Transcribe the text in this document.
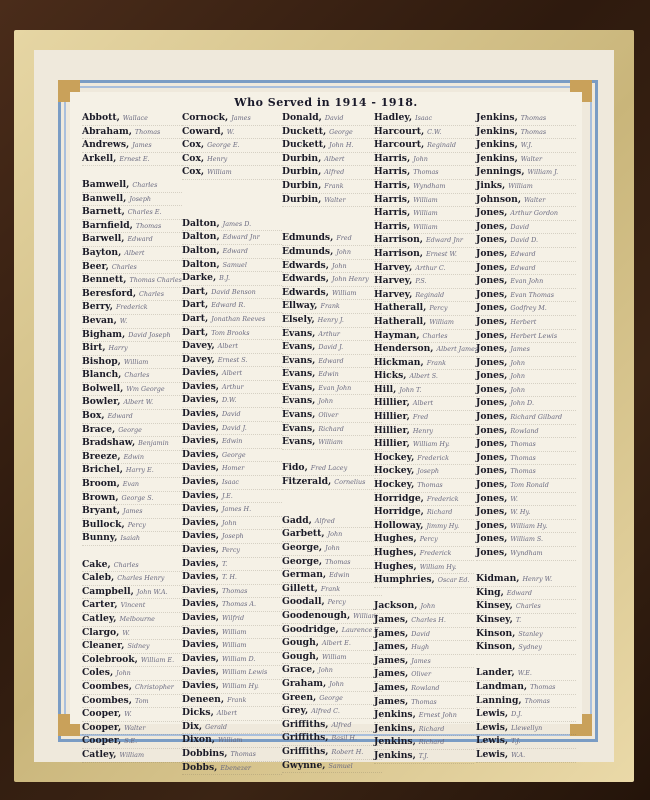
Who Served in 1914 - 1918.
Abbott, Wallace
Abraham, Thomas
Andrews, James
Arkell, Ernest E.
Bamwell, Charles
Banwell, Joseph
Barnett, Charles E.
Barnfield, Thomas
Barwell, Edward
Bayton, Albert
Beer, Charles
Bennett, Thomas Charles
Beresford, Charles
Berry, Frederick
Bevan, W.
Bigham, David Joseph
Birt, Harry
Bishop, William
Blanch, Charles
Bolwell, Wm George
Bowler, Albert W.
Box, Edward
Brace, George
Bradshaw, Benjamin
Breeze, Edwin
Brichel, Harry E.
Broom, Evan
Brown, George S.
Bryant, James
Bullock, Percy
Bunny, Isaiah
Cake, Charles
Caleb, Charles Henry
Campbell, John W.A.
Carter, Vincent
Catley, Melbourne
Clargo, W.
Cleaner, Sidney
Colebrook, William E.
Coles, John
Coombes, Christopher
Coombes, Tom
Cooper, W.
Cooper, Walter
Cooper, S.E.
Catley, William
Cornock, James
Coward, W.
Cox, George E.
Cox, Henry
Cox, William
Dalton, James D.
Dalton, Edward Jnr
Dalton, Edward
Dalton, Samuel
Darke, B.J.
Dart, David Benson
Dart, Edward R.
Dart, Jonathan Reeves
Dart, Tom Brooks
Davey, Albert
Davey, Ernest S.
Davies, Albert
Davies, Arthur
Davies, D.W.
Davies, David
Davies, David J.
Davies, Edwin
Davies, George
Davies, Homer
Davies, Isaac
Davies, J.E.
Davies, James H.
Davies, John
Davies, Joseph
Davies, Percy
Davies, T.
Davies, T. H.
Davies, Thomas
Davies, Thomas A.
Davies, Wilfrid
Davies, William
Davies, William
Davies, William D.
Davies, William Lewis
Davies, William Hy.
Deneen, Frank
Dicks, Albert
Dix, Gerald
Dixon, William
Dobbins, Thomas
Dobbs, Ebenezer
Donald, David
Duckett, George
Duckett, John H.
Durbin, Albert
Durbin, Alfred
Durbin, Frank
Durbin, Walter
Edmunds, Fred
Edmunds, John
Edwards, John
Edwards, John Henry
Edwards, William
Ellway, Frank
Elsely, Henry J.
Evans, Arthur
Evans, David J.
Evans, Edward
Evans, Edwin
Evans, Evan John
Evans, John
Evans, Oliver
Evans, Richard
Evans, William
Fido, Fred Lacey
Fitzerald, Cornelius
Gadd, Alfred
Garbett, John
George, John
George, Thomas
German, Edwin
Gillett, Frank
Goodall, Percy
Goodenough, William
Goodridge, Laurence E.
Gough, Albert E.
Gough, William
Grace, John
Graham, John
Green, George
Grey, Alfred C.
Griffiths, Alfred
Griffiths, Basil H.
Griffiths, Robert H.
Gwynne, Samuel
Hadley, Isaac
Harcourt, C.W.
Harcourt, Reginald
Harris, John
Harris, Thomas
Harris, Wyndham
Harris, William
Harris, William
Harris, William
Harrison, Edward Jnr
Harrison, Ernest W.
Harvey, Arthur C.
Harvey, P.S.
Harvey, Reginald
Hatherall, Percy
Hatherall, William
Hayman, Charles
Henderson, Albert James
Hickman, Frank
Hicks, Albert S.
Hill, John T.
Hillier, Albert
Hillier, Fred
Hillier, Henry
Hillier, William Hy.
Hockey, Frederick
Hockey, Joseph
Hockey, Thomas
Horridge, Frederick
Horridge, Richard
Holloway, Jimmy Hy.
Hughes, Percy
Hughes, Frederick
Hughes, William Hy.
Humphries, Oscar Ed.
Jackson, John
James, Charles H.
James, David
James, Hugh
James, James
James, Oliver
James, Rowland
James, Thomas
Jenkins, Ernest John
Jenkins, Richard
Jenkins, Richard
Jenkins, T.J.
Jenkins, Thomas
Jenkins, Thomas
Jenkins, W.J.
Jenkins, Walter
Jennings, William J.
Jinks, William
Johnson, Walter
Jones, Arthur Gordon
Jones, David
Jones, David D.
Jones, Edward
Jones, Edward
Jones, Evan John
Jones, Evan Thomas
Jones, Godfrey M.
Jones, Herbert
Jones, Herbert Lewis
Jones, James
Jones, John
Jones, John
Jones, John
Jones, John D.
Jones, Richard Gilbard
Jones, Rowland
Jones, Thomas
Jones, Thomas
Jones, Thomas
Jones, Tom Ronald
Jones, W.
Jones, W. Hy.
Jones, William Hy.
Jones, William S.
Jones, Wyndham
Kidman, Henry W.
King, Edward
Kinsey, Charles
Kinsey, T.
Kinson, Stanley
Kinson, Sydney
Lander, W.E.
Landman, Thomas
Lanning, Thomas
Lewis, D.J.
Lewis, Llewellyn
Lewis, T.J.
Lewis, W.A.
